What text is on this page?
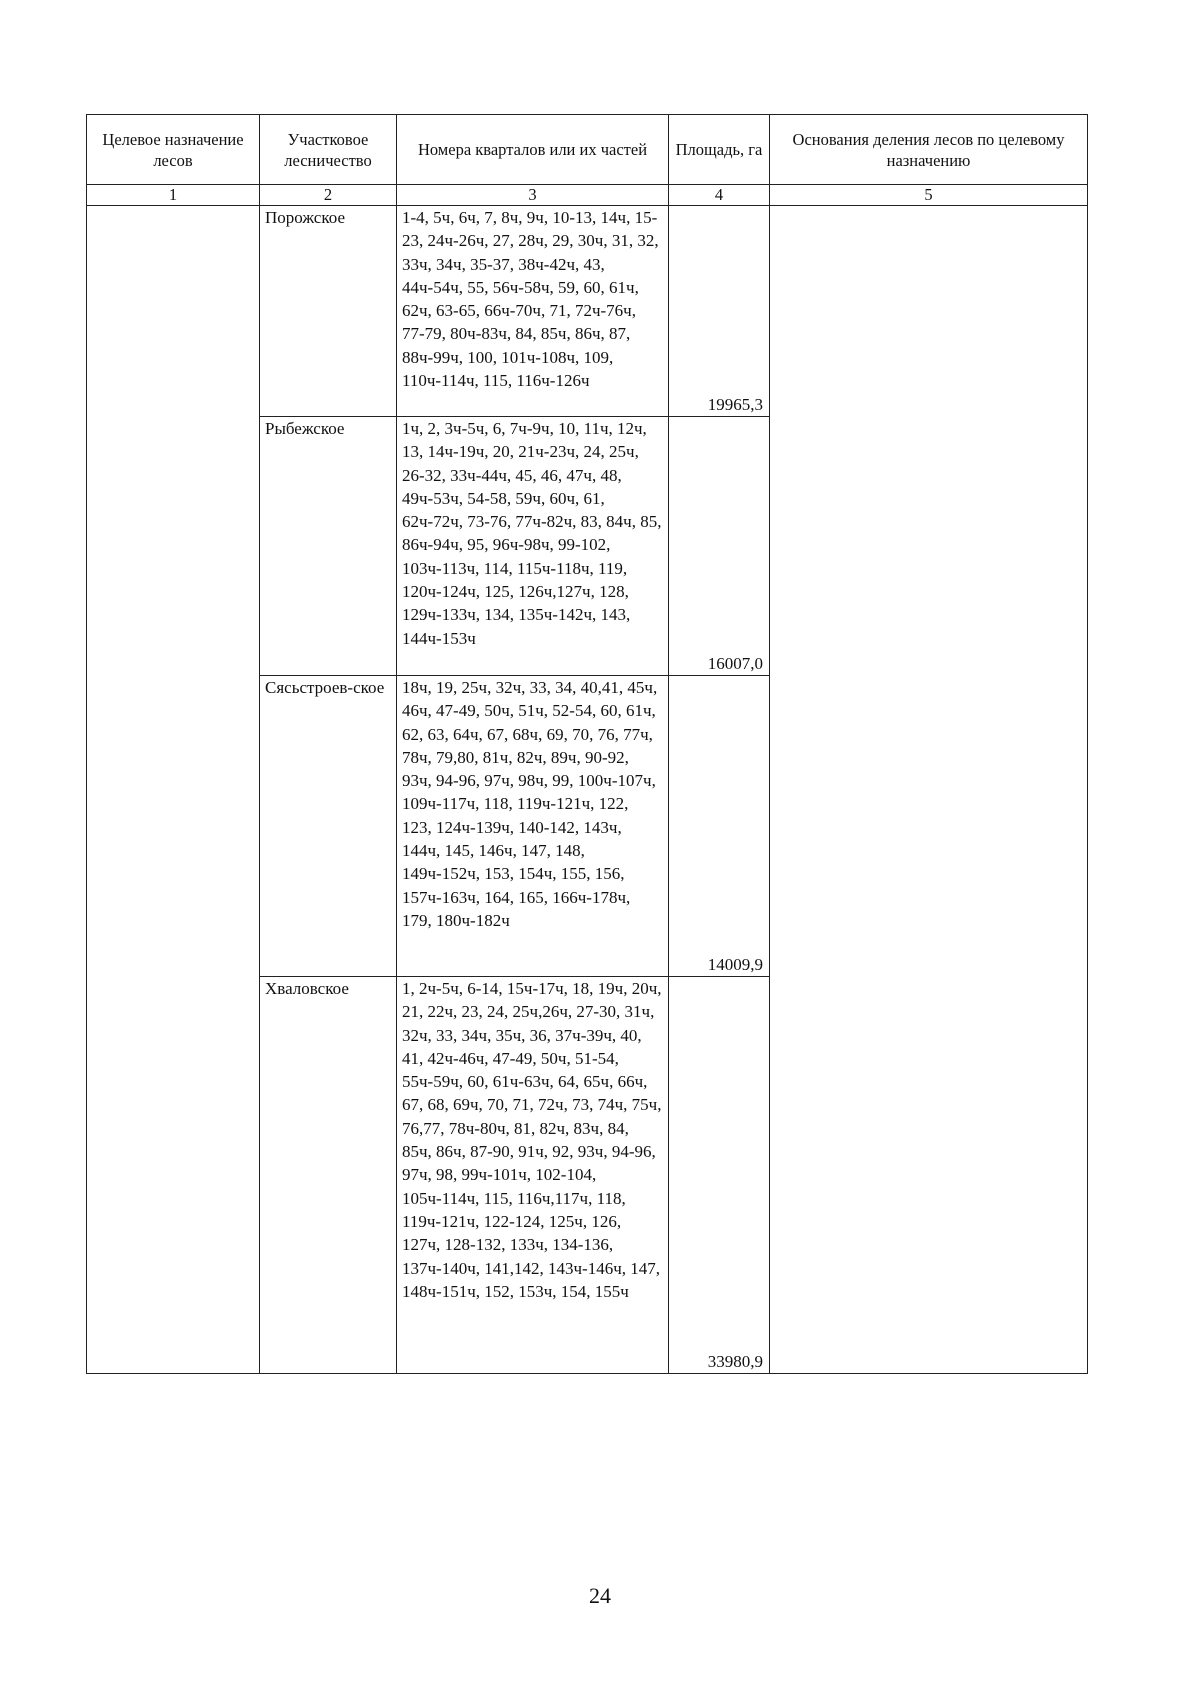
Целевое назначение лесов	Участковое лесничество	Номера кварталов или их частей	Площадь, га	Основания деления лесов по целевому назначению
1	2	3	4	5
	Порожское	1-4, 5ч, 6ч, 7, 8ч, 9ч, 10-13, 14ч, 15-23, 24ч-26ч, 27, 28ч, 29, 30ч, 31, 32, 33ч, 34ч, 35-37, 38ч-42ч, 43, 44ч-54ч, 55, 56ч-58ч, 59, 60, 61ч, 62ч, 63-65, 66ч-70ч, 71, 72ч-76ч, 77-79, 80ч-83ч, 84, 85ч, 86ч, 87, 88ч-99ч, 100, 101ч-108ч, 109, 110ч-114ч, 115, 116ч-126ч	19965,3	
	Рыбежское	1ч, 2, 3ч-5ч, 6, 7ч-9ч, 10, 11ч, 12ч, 13, 14ч-19ч, 20, 21ч-23ч, 24, 25ч, 26-32, 33ч-44ч, 45, 46, 47ч, 48, 49ч-53ч, 54-58, 59ч, 60ч, 61, 62ч-72ч, 73-76, 77ч-82ч, 83, 84ч, 85, 86ч-94ч, 95, 96ч-98ч, 99-102, 103ч-113ч, 114, 115ч-118ч, 119, 120ч-124ч, 125, 126ч,127ч, 128, 129ч-133ч, 134, 135ч-142ч, 143, 144ч-153ч	16007,0	
	Сясьстроев-ское	18ч, 19, 25ч, 32ч, 33, 34, 40,41, 45ч, 46ч, 47-49, 50ч, 51ч, 52-54, 60, 61ч, 62, 63, 64ч, 67, 68ч, 69, 70, 76, 77ч, 78ч, 79,80, 81ч, 82ч, 89ч, 90-92, 93ч, 94-96, 97ч, 98ч, 99, 100ч-107ч, 109ч-117ч, 118, 119ч-121ч, 122, 123, 124ч-139ч, 140-142, 143ч, 144ч, 145, 146ч, 147, 148, 149ч-152ч, 153, 154ч, 155, 156, 157ч-163ч, 164, 165, 166ч-178ч, 179, 180ч-182ч	14009,9	
	Хваловское	1, 2ч-5ч, 6-14, 15ч-17ч, 18, 19ч, 20ч, 21, 22ч, 23, 24, 25ч,26ч, 27-30, 31ч, 32ч, 33, 34ч, 35ч, 36, 37ч-39ч, 40, 41, 42ч-46ч, 47-49, 50ч, 51-54, 55ч-59ч, 60, 61ч-63ч, 64, 65ч, 66ч, 67, 68, 69ч, 70, 71, 72ч, 73, 74ч, 75ч, 76,77, 78ч-80ч, 81, 82ч, 83ч, 84, 85ч, 86ч, 87-90, 91ч, 92, 93ч, 94-96, 97ч, 98, 99ч-101ч, 102-104, 105ч-114ч, 115, 116ч,117ч, 118, 119ч-121ч, 122-124, 125ч, 126, 127ч, 128-132, 133ч, 134-136, 137ч-140ч, 141,142, 143ч-146ч, 147, 148ч-151ч, 152, 153ч, 154, 155ч	33980,9	
24
